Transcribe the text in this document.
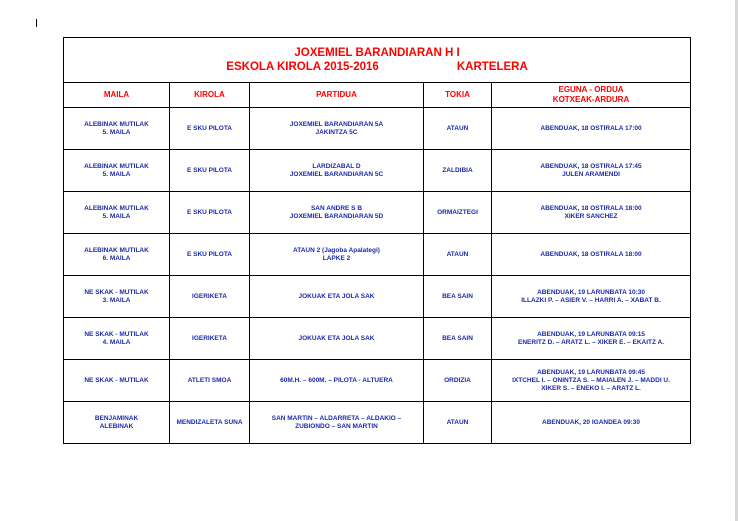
JOXEMIEL BARANDIARAN H I
ESKOLA KIROLA 2015-2016 KARTELERA				

MAILA	KIROLA	PARTIDUA	TOKIA	EGUNA - ORDUA
KOTXEAK-ARDURA

ALEBINAK MUTILAK
5. MAILA	E SKU PILOTA	JOXEMIEL BARANDIARAN 5A
JAKINTZA 5C	ATAUN	ABENDUAK, 18 OSTIRALA 17:00

ALEBINAK MUTILAK
5. MAILA	E SKU PILOTA	LARDIZABAL D
JOXEMIEL BARANDIARAN 5C	ZALDIBIA	ABENDUAK, 18 OSTIRALA 17:45
JULEN ARAMENDI

ALEBINAK MUTILAK
5. MAILA	E SKU PILOTA	SAN ANDRE S B
JOXEMIEL BARANDIARAN 5D	ORMAIZTEGI	ABENDUAK, 18 OSTIRALA 18:00
XIKER SANCHEZ

ALEBINAK MUTILAK
6. MAILA	E SKU PILOTA	ATAUN 2 (Jagoba Apalategi)
LAPKE 2	ATAUN	ABENDUAK, 18 OSTIRALA 18:00

NE SKAK - MUTILAK
3. MAILA	IGERIKETA	JOKUAK ETA JOLA SAK	BEA SAIN	ABENDUAK, 19 LARUNBATA 10:30
ILLAZKI P. – ASIER V. – HARRI A. – XABAT B.

NE SKAK - MUTILAK
4. MAILA	IGERIKETA	JOKUAK ETA JOLA SAK	BEA SAIN	ABENDUAK, 19 LARUNBATA 09:15
ENERITZ D. – ARATZ L. – XIKER E. – EKAITZ A.

NE SKAK - MUTILAK	ATLETI SMOA	60M.H. – 600M. – PILOTA - ALTUERA	ORDIZIA	ABENDUAK, 19 LARUNBATA 09:45
IXTCHEL I. – ONINTZA S. – MAIALEN J. – MADDI U.
XIKER S. – ENEKO I. – ARATZ L.

BENJAMINAK
ALEBINAK	MENDIZALETA SUNA	SAN MARTIN – ALDARRETA – ALDAKIO –
ZUBIONDO – SAN MARTIN	ATAUN	ABENDUAK, 20 IGANDEA 09:30
